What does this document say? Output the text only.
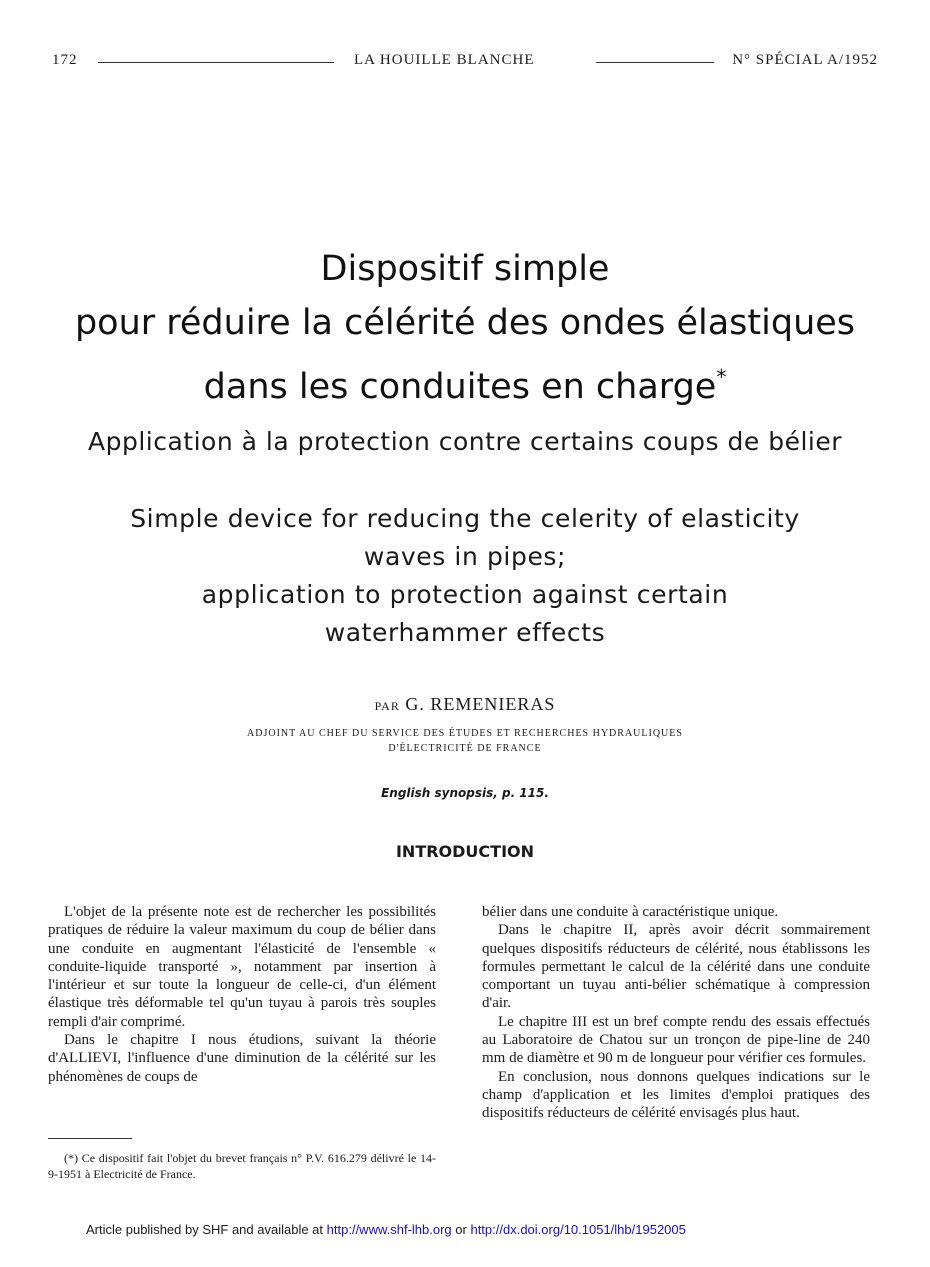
172	LA HOUILLE BLANCHE	N° SPÉCIAL A/1952
Dispositif simple
pour réduire la célérité des ondes élastiques
dans les conduites en charge*
Application à la protection contre certains coups de bélier
Simple device for reducing the celerity of elasticity
waves in pipes;
application to protection against certain
waterhammer effects
PAR G. REMENIERAS
ADJOINT AU CHEF DU SERVICE DES ÉTUDES ET RECHERCHES HYDRAULIQUES
D'ÉLECTRICITÉ DE FRANCE
English synopsis, p. 115.
INTRODUCTION

L'objet de la présente note est de rechercher les possibilités pratiques de réduire la valeur maximum du coup de bélier dans une conduite en augmentant l'élasticité de l'ensemble « conduite-liquide transporté », notamment par insertion à l'intérieur et sur toute la longueur de celle-ci, d'un élément élastique très déformable tel qu'un tuyau à parois très souples rempli d'air comprimé.

Dans le chapitre I nous étudions, suivant la théorie d'ALLIEVI, l'influence d'une diminution de la célérité sur les phénomènes de coups de

bélier dans une conduite à caractéristique unique.

Dans le chapitre II, après avoir décrit sommairement quelques dispositifs réducteurs de célérité, nous établissons les formules permettant le calcul de la célérité dans une conduite comportant un tuyau anti-bélier schématique à compression d'air.

Le chapitre III est un bref compte rendu des essais effectués au Laboratoire de Chatou sur un tronçon de pipe-line de 240 mm de diamètre et 90 m de longueur pour vérifier ces formules.

En conclusion, nous donnons quelques indications sur le champ d'application et les limites d'emploi pratiques des dispositifs réducteurs de célérité envisagés plus haut.

(*) Ce dispositif fait l'objet du brevet français n° P.V. 616.279 délivré le 14-9-1951 à Electricité de France.

Article published by SHF and available at http://www.shf-lhb.org or http://dx.doi.org/10.1051/lhb/1952005
